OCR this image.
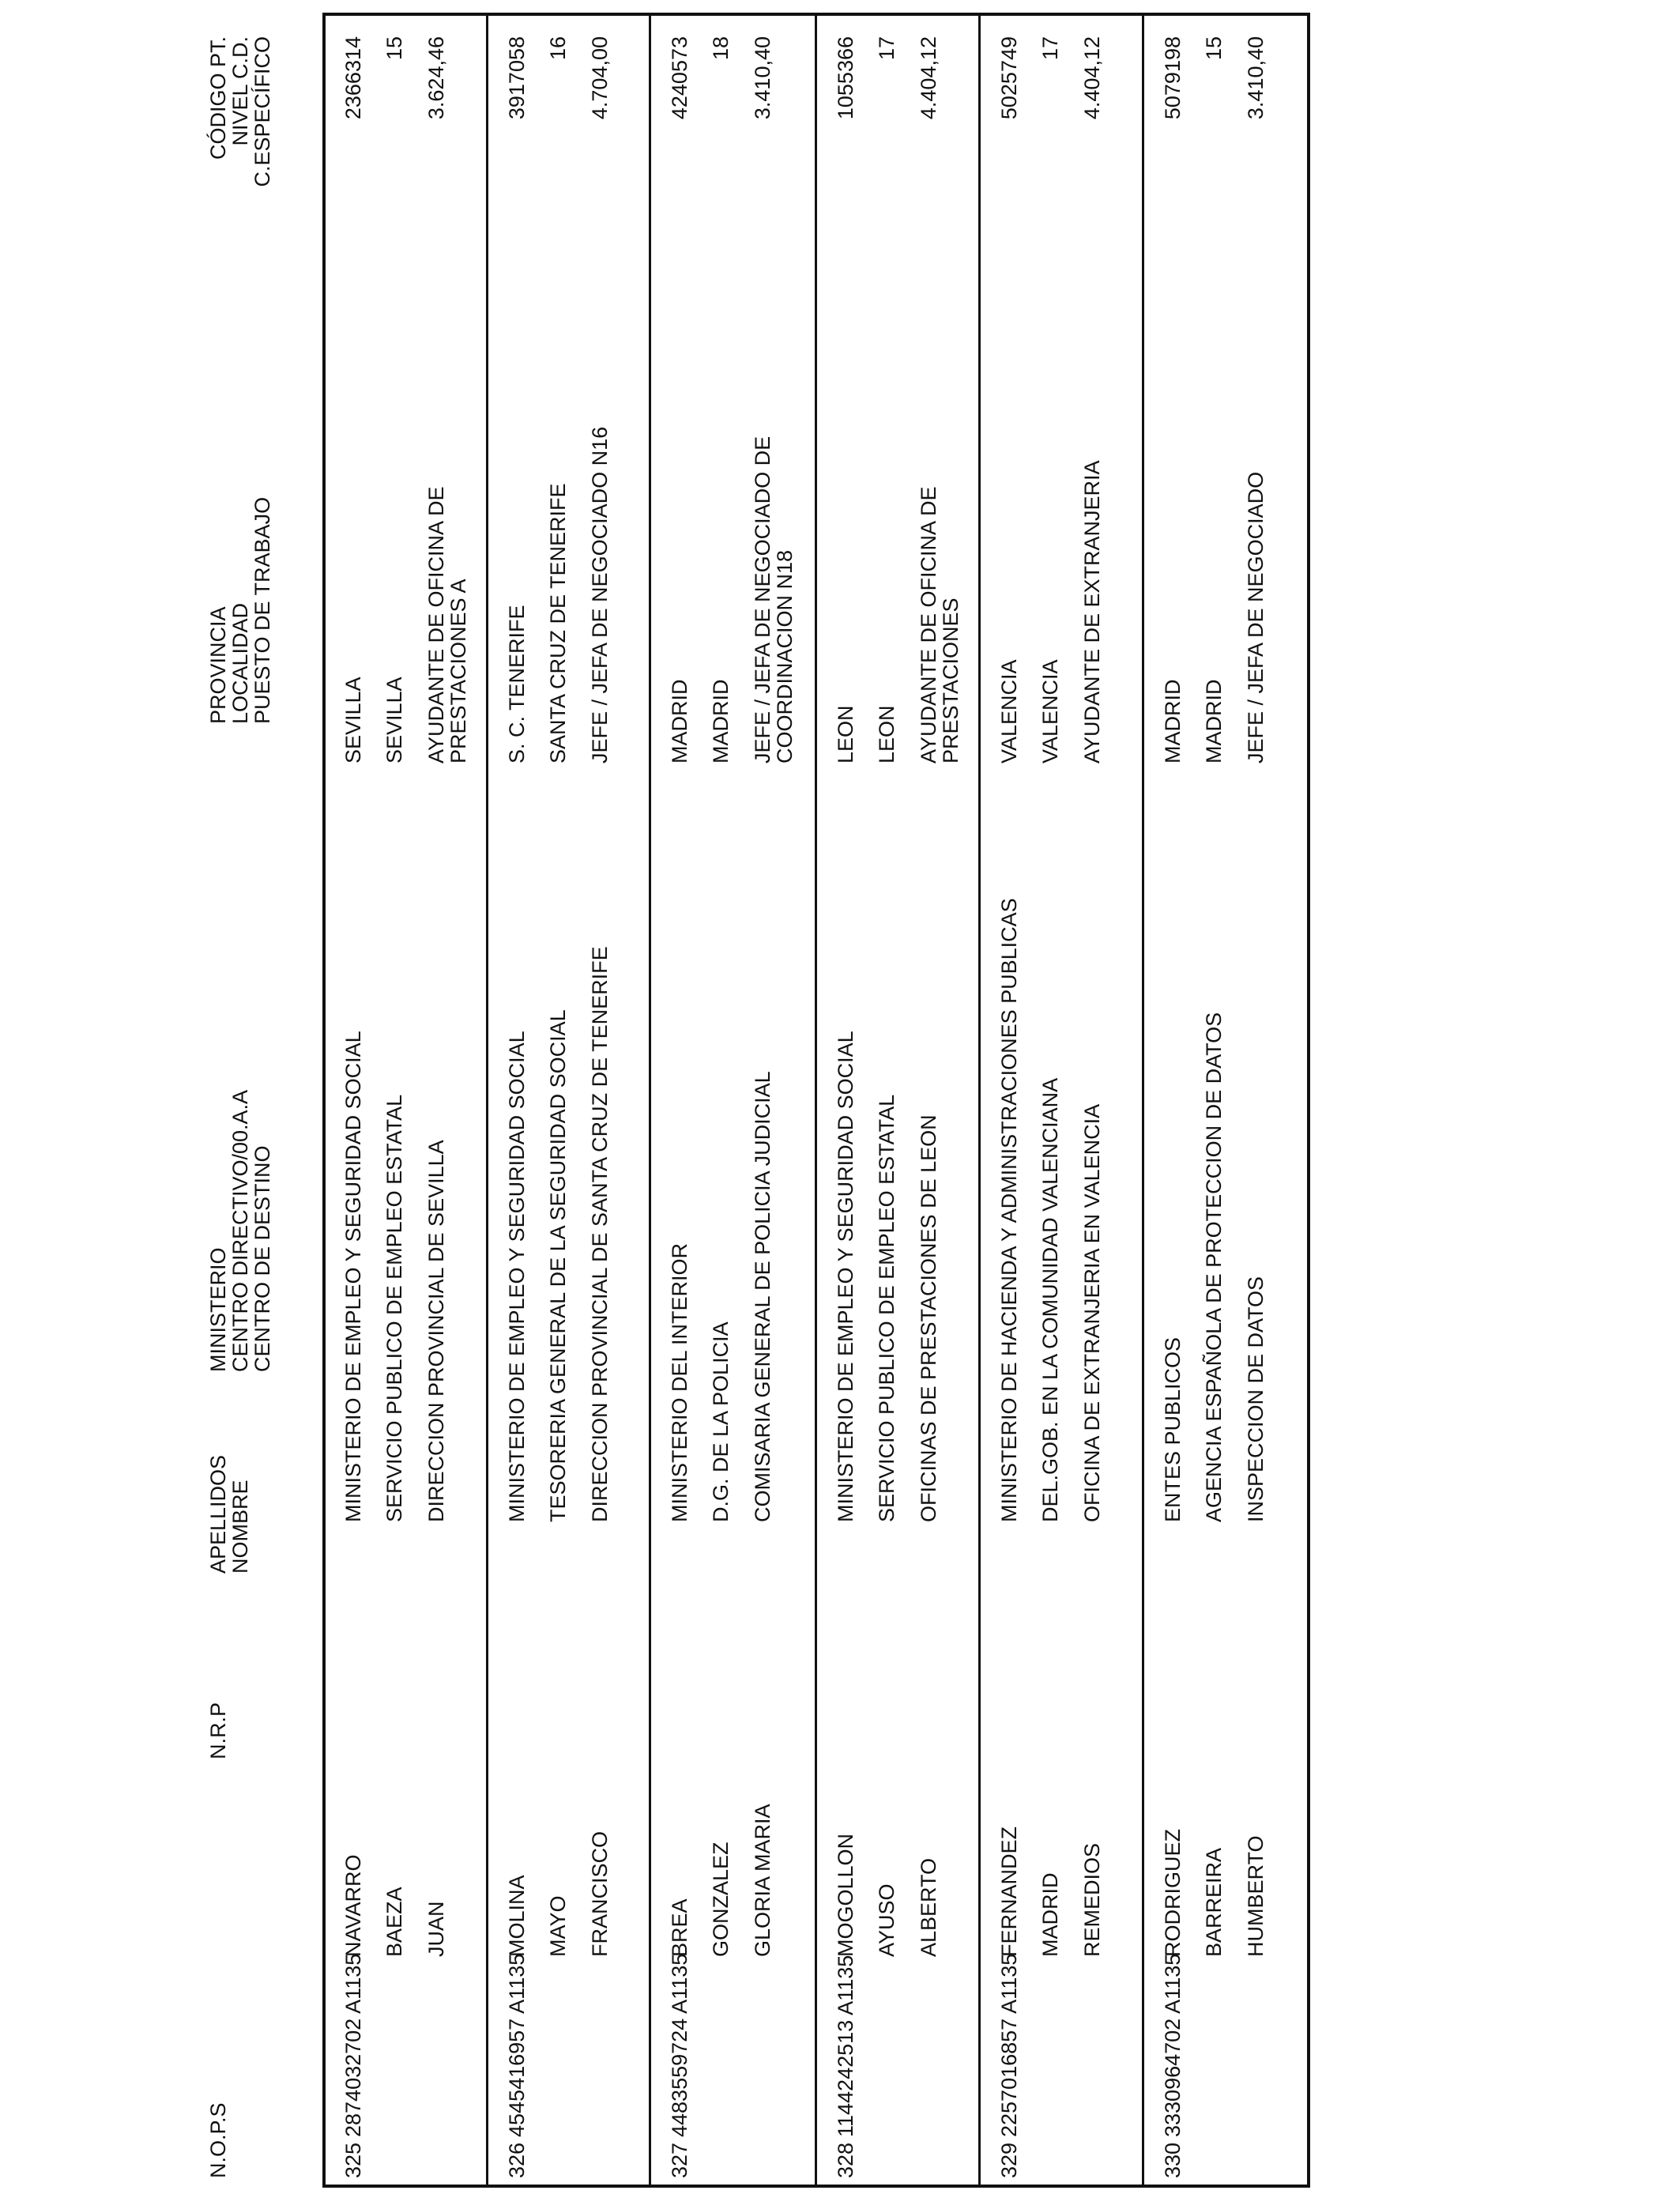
N.O.P.S
N.R.P
APELLIDOS
NOMBRE
MINISTERIO
CENTRO DIRECTIVO/00.A.A
CENTRO DE DESTINO
PROVINCIA
LOCALIDAD
PUESTO DE TRABAJO
CÓDIGO PT.
NIVEL C.D.
C.ESPECÍFICO
325
2874032702 A1135
NAVARRO BAEZA JUAN
MINISTERIO DE EMPLEO Y SEGURIDAD SOCIAL SERVICIO PUBLICO DE EMPLEO ESTATAL DIRECCION PROVINCIAL DE SEVILLA
SEVILLA SEVILLA AYUDANTE DE OFICINA DE PRESTACIONES A
2366314 15 3.624,46
326
4545416957 A1135
MOLINA MAYO FRANCISCO
MINISTERIO DE EMPLEO Y SEGURIDAD SOCIAL TESORERIA GENERAL DE LA SEGURIDAD SOCIAL DIRECCION PROVINCIAL DE SANTA CRUZ DE TENERIFE
S. C. TENERIFE SANTA CRUZ DE TENERIFE JEFE / JEFA DE NEGOCIADO N16
3917058 16 4.704,00
327
4483559724 A1135
BREA GONZALEZ GLORIA MARIA
MINISTERIO DEL INTERIOR D.G. DE LA POLICIA COMISARIA GENERAL DE POLICIA JUDICIAL
MADRID MADRID JEFE / JEFA DE NEGOCIADO DE COORDINACION N18
4240573 18 3.410,40
328
1144242513 A1135
MOGOLLON AYUSO ALBERTO
MINISTERIO DE EMPLEO Y SEGURIDAD SOCIAL SERVICIO PUBLICO DE EMPLEO ESTATAL OFICINAS DE PRESTACIONES DE LEON
LEON LEON AYUDANTE DE OFICINA DE PRESTACIONES
1055366 17 4.404,12
329
2257016857 A1135
FERNANDEZ MADRID REMEDIOS
MINISTERIO DE HACIENDA Y ADMINISTRACIONES PUBLICAS DEL.GOB. EN LA COMUNIDAD VALENCIANA OFICINA DE EXTRANJERIA EN VALENCIA
VALENCIA VALENCIA AYUDANTE DE EXTRANJERIA
5025749 17 4.404,12
330
3330964702 A1135
RODRIGUEZ BARREIRA HUMBERTO
ENTES PUBLICOS AGENCIA ESPAÑOLA DE PROTECCION DE DATOS INSPECCION DE DATOS
MADRID MADRID JEFE / JEFA DE NEGOCIADO
5079198 15 3.410,40
